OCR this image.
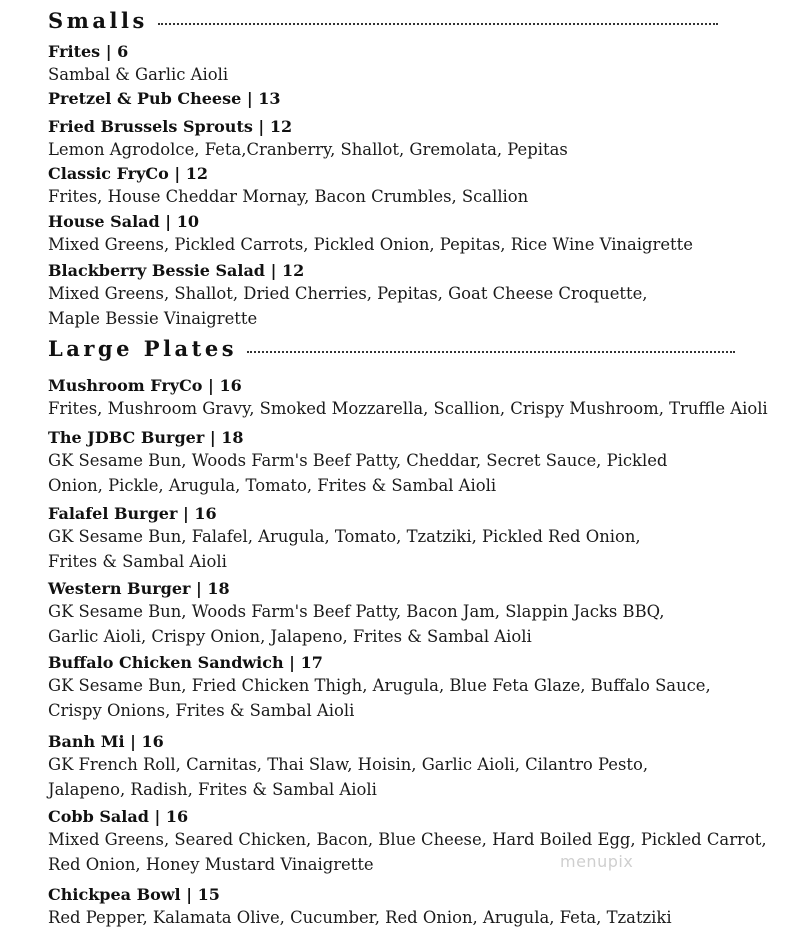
Smalls
Frites | 6
Sambal & Garlic Aioli
Pretzel & Pub Cheese | 13
Fried Brussels Sprouts | 12
Lemon Agrodolce, Feta,Cranberry, Shallot, Gremolata, Pepitas
Classic FryCo | 12
Frites, House Cheddar Mornay, Bacon Crumbles, Scallion
House Salad | 10
Mixed Greens, Pickled Carrots, Pickled Onion, Pepitas, Rice Wine Vinaigrette
Blackberry Bessie Salad | 12
Mixed Greens, Shallot, Dried Cherries, Pepitas, Goat Cheese Croquette,
Maple Bessie Vinaigrette
Large Plates
Mushroom FryCo | 16
Frites, Mushroom Gravy, Smoked Mozzarella, Scallion, Crispy Mushroom, Truffle Aioli
The JDBC Burger | 18
GK Sesame Bun, Woods Farm's Beef Patty, Cheddar, Secret Sauce, Pickled
Onion, Pickle, Arugula, Tomato, Frites & Sambal Aioli
Falafel Burger | 16
GK Sesame Bun, Falafel, Arugula, Tomato, Tzatziki, Pickled Red Onion,
Frites & Sambal Aioli
Western Burger | 18
GK Sesame Bun, Woods Farm's Beef Patty, Bacon Jam, Slappin Jacks BBQ,
Garlic Aioli, Crispy Onion, Jalapeno, Frites & Sambal Aioli
Buffalo Chicken Sandwich | 17
GK Sesame Bun, Fried Chicken Thigh, Arugula, Blue Feta Glaze, Buffalo Sauce,
Crispy Onions, Frites & Sambal Aioli
Banh Mi | 16
GK French Roll, Carnitas, Thai Slaw, Hoisin, Garlic Aioli, Cilantro Pesto,
Jalapeno, Radish, Frites & Sambal Aioli
Cobb Salad | 16
Mixed Greens, Seared Chicken, Bacon, Blue Cheese, Hard Boiled Egg, Pickled Carrot,
Red Onion, Honey Mustard Vinaigrette
Chickpea Bowl | 15
Red Pepper, Kalamata Olive, Cucumber, Red Onion, Arugula, Feta, Tzatziki
menupix
